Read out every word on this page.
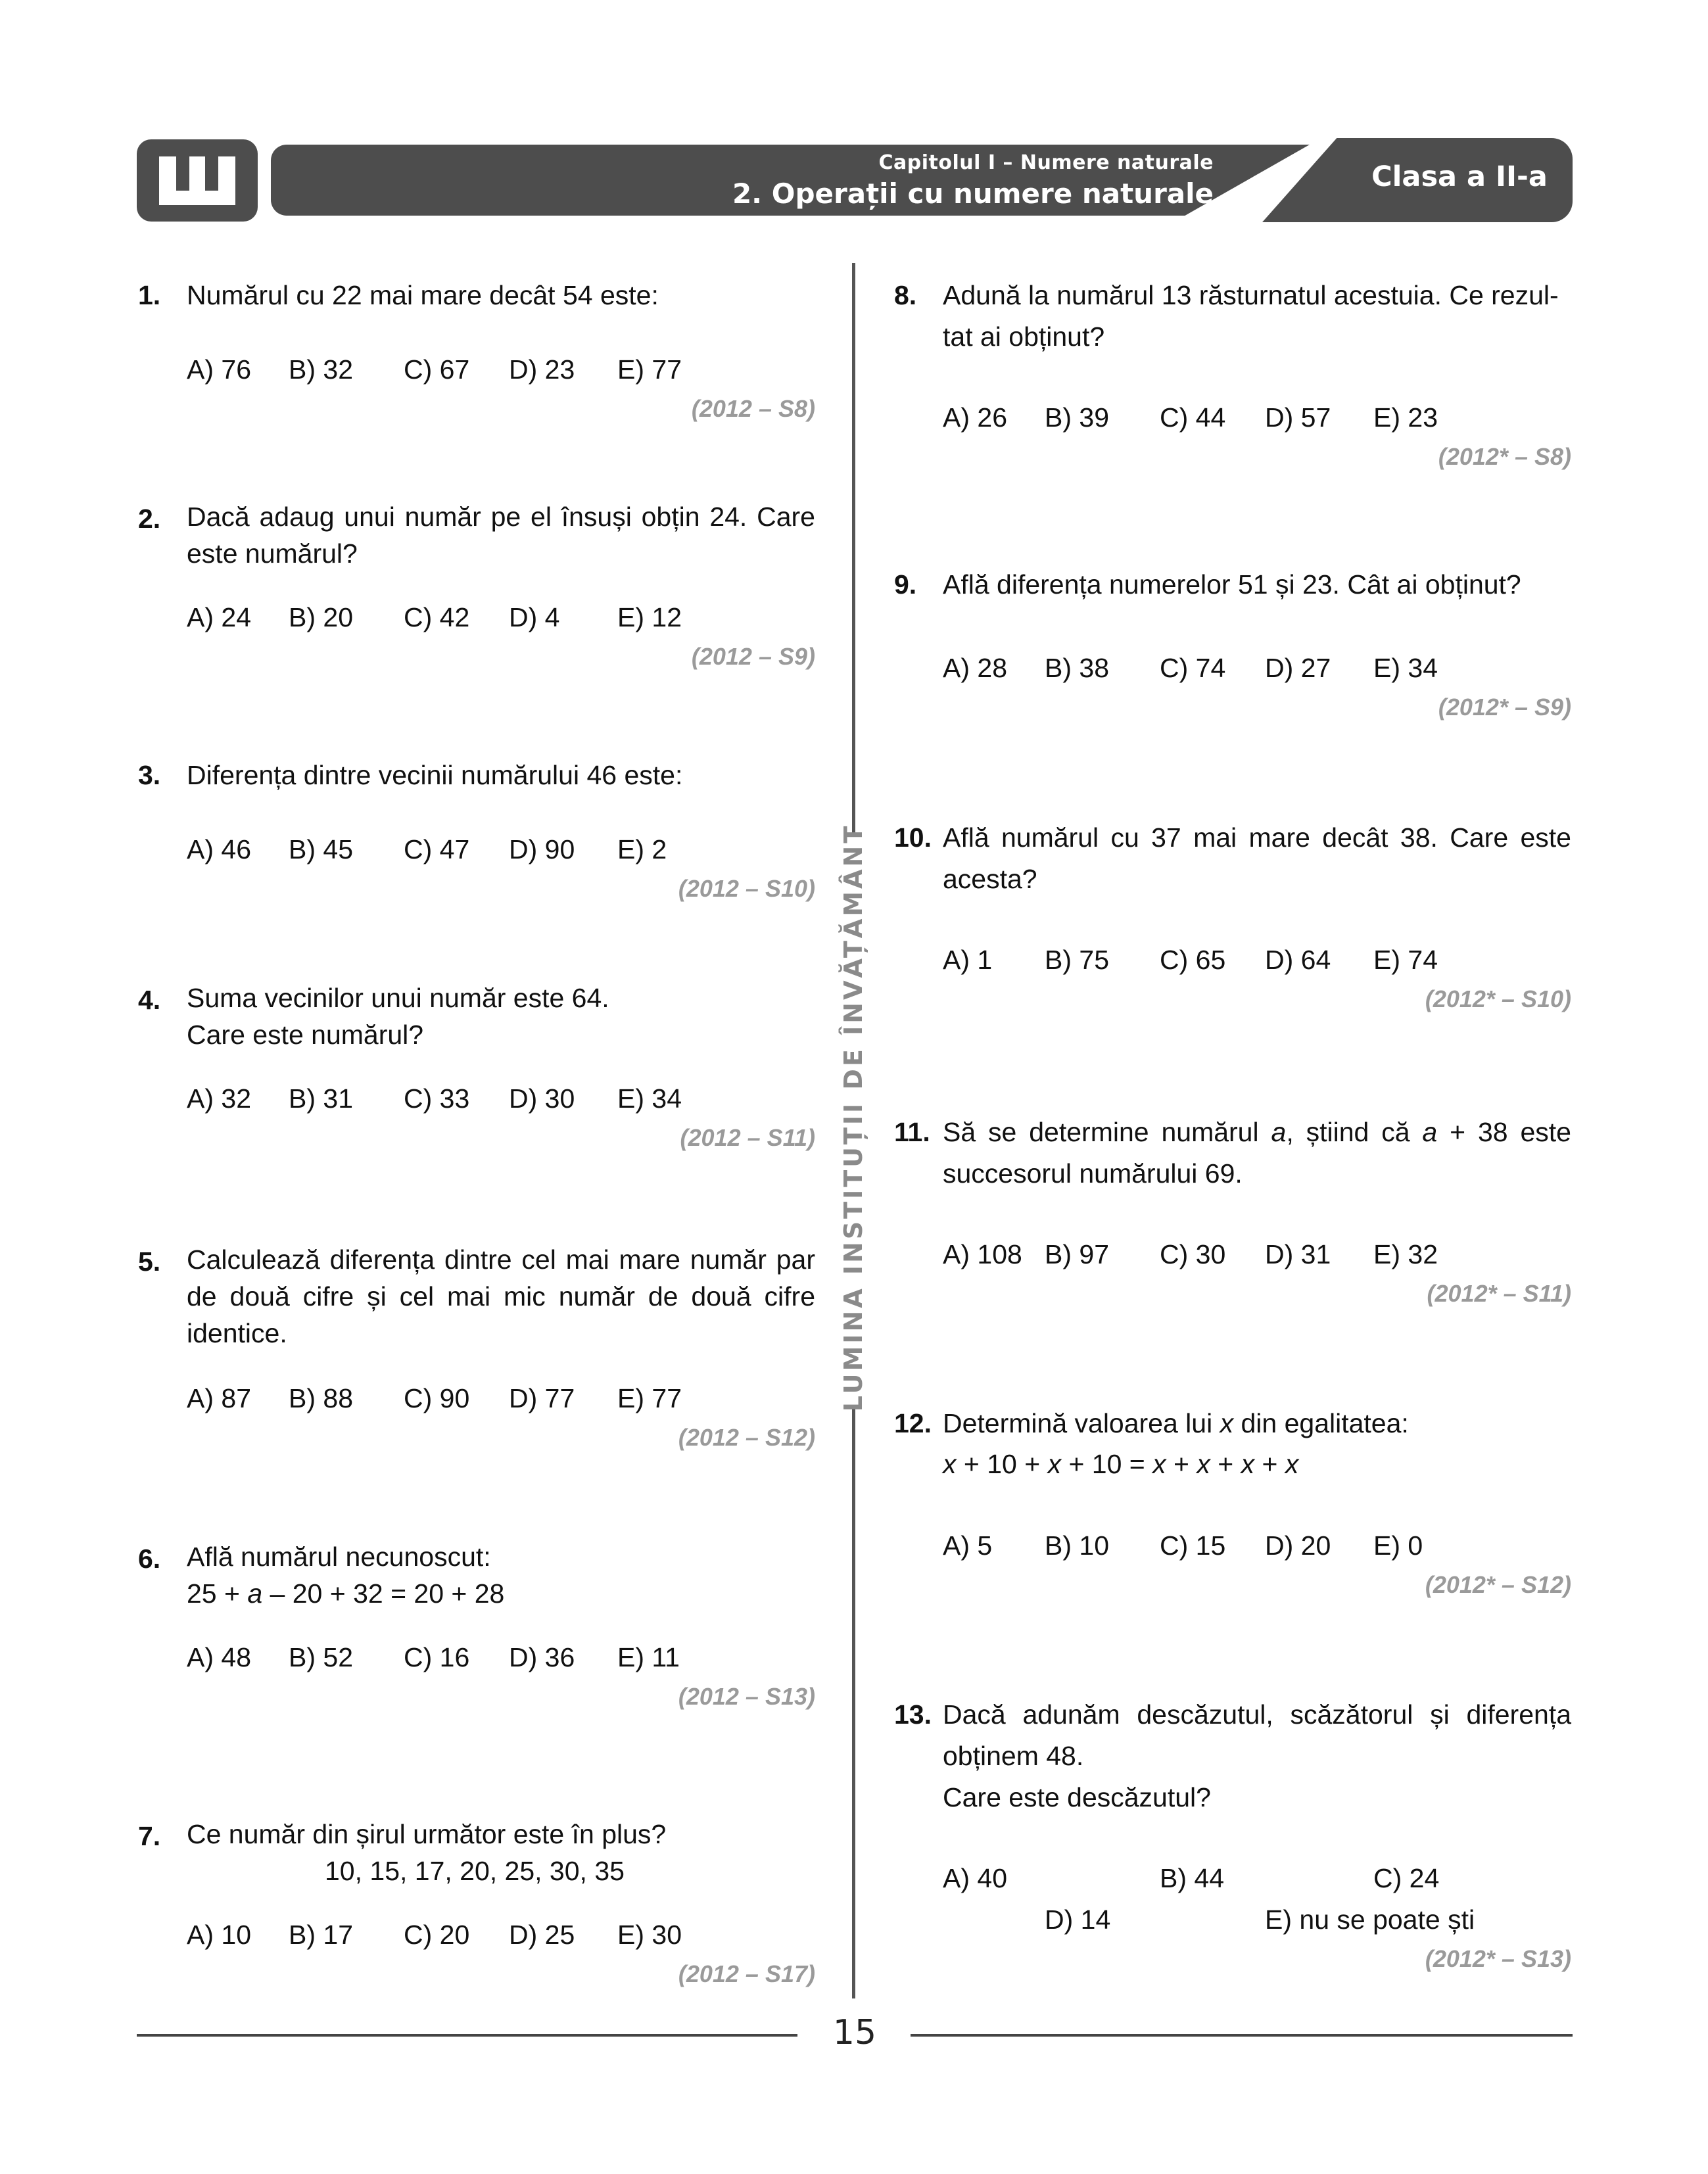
Capitolul I – Numere naturale
2. Operații cu numere naturale
Clasa a II-a
LUMINA INSTITUȚII DE ÎNVĂȚĂMÂNT
1. Numărul cu 22 mai mare decât 54 este:
A) 76 B) 32 C) 67 D) 23 E) 77
(2012 – S8)
2. Dacă adaug unui număr pe el însuși obțin 24. Care este numărul?
A) 24 B) 20 C) 42 D) 4 E) 12
(2012 – S9)
3. Diferența dintre vecinii numărului 46 este:
A) 46 B) 45 C) 47 D) 90 E) 2
(2012 – S10)
4. Suma vecinilor unui număr este 64.
Care este numărul?
A) 32 B) 31 C) 33 D) 30 E) 34
(2012 – S11)
5. Calculează diferența dintre cel mai mare număr par de două cifre și cel mai mic număr de două cifre identice.
A) 87 B) 88 C) 90 D) 77 E) 77
(2012 – S12)
6. Află numărul necunoscut:
25 + a – 20 + 32 = 20 + 28
A) 48 B) 52 C) 16 D) 36 E) 11
(2012 – S13)
7. Ce număr din șirul următor este în plus?
10, 15, 17, 20, 25, 30, 35
A) 10 B) 17 C) 20 D) 25 E) 30
(2012 – S17)
8. Adună la numărul 13 răsturnatul acestuia. Ce rezul-
tat ai obținut?
A) 26 B) 39 C) 44 D) 57 E) 23
(2012* – S8)
9. Află diferența numerelor 51 și 23. Cât ai obținut?
A) 28 B) 38 C) 74 D) 27 E) 34
(2012* – S9)
10. Află numărul cu 37 mai mare decât 38. Care este acesta?
A) 1 B) 75 C) 65 D) 64 E) 74
(2012* – S10)
11. Să se determine numărul a, știind că a + 38 este succesorul numărului 69.
A) 108 B) 97 C) 30 D) 31 E) 32
(2012* – S11)
12. Determină valoarea lui x din egalitatea:
x + 10 + x + 10 = x + x + x + x
A) 5 B) 10 C) 15 D) 20 E) 0
(2012* – S12)
13. Dacă adunăm descăzutul, scăzătorul și diferența obținem 48.
Care este descăzutul?
A) 40	B) 44	C) 24
D) 14	E) nu se poate ști
(2012* – S13)
15
